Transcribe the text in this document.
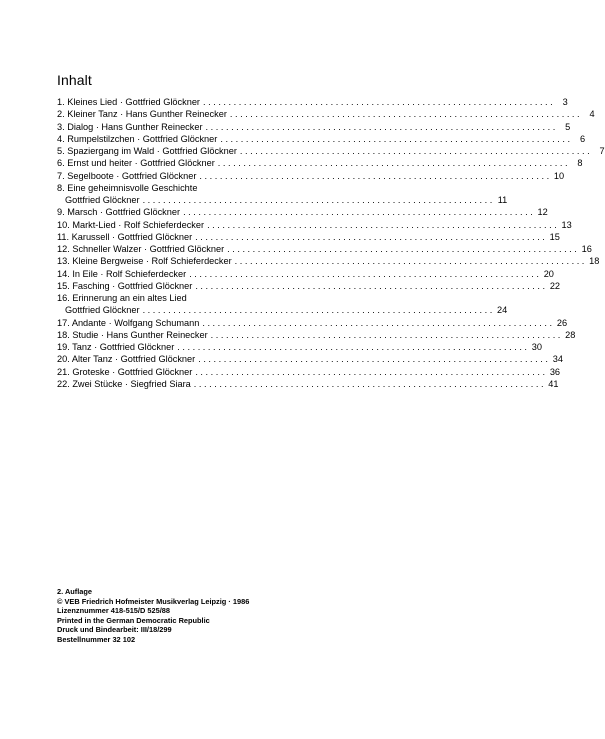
Inhalt
1. Kleines Lied · Gottfried Glöckner . . .	3
2. Kleiner Tanz · Hans Gunther Reinecker . . .	4
3. Dialog · Hans Gunther Reinecker . . .	5
4. Rumpelstilzchen · Gottfried Glöckner . . .	6
5. Spaziergang im Wald · Gottfried Glöckner . . .	7
6. Ernst und heiter · Gottfried Glöckner . . .	8
7. Segelboote · Gottfried Glöckner . . .	10
8. Eine geheimnisvolle Geschichte
Gottfried Glöckner . . .	11
9. Marsch · Gottfried Glöckner . . .	12
10. Markt-Lied · Rolf Schieferdecker . . .	13
11. Karussell · Gottfried Glöckner . . .	15
12. Schneller Walzer · Gottfried Glöckner . . .	16
13. Kleine Bergweise · Rolf Schieferdecker . . .	18
14. In Eile · Rolf Schieferdecker . . .	20
15. Fasching · Gottfried Glöckner . . .	22
16. Erinnerung an ein altes Lied
Gottfried Glöckner . . .	24
17. Andante · Wolfgang Schumann . . .	26
18. Studie · Hans Gunther Reinecker . . .	28
19. Tanz · Gottfried Glöckner . . .	30
20. Alter Tanz · Gottfried Glöckner . . .	34
21. Groteske · Gottfried Glöckner . . .	36
22. Zwei Stücke · Siegfried Siara . . .	41
2. Auflage
© VEB Friedrich Hofmeister Musikverlag Leipzig · 1986
Lizenznummer 418-515/D 525/88
Printed in the German Democratic Republic
Druck und Bindearbeit: III/18/299
Bestellnummer 32 102
